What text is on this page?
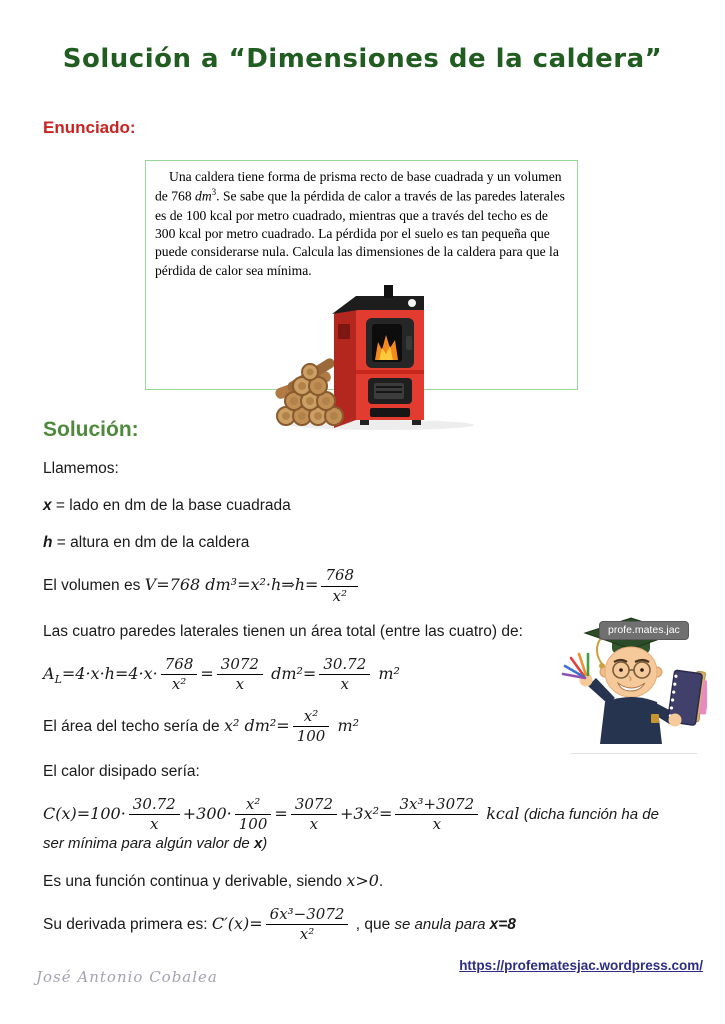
Solución a “Dimensiones de la caldera”
Enunciado:

Una caldera tiene forma de prisma recto de base cuadrada y un volumen de 768 $dm^3$. Se sabe que la pérdida de calor a través de las paredes laterales es de 100 kcal por metro cuadrado, mientras que a través del techo es de 300 kcal por metro cuadrado. La pérdida por el suelo es tan pequeña que puede considerarse nula. Calcula las dimensiones de la caldera para que la pérdida de calor sea mínima.

Solución:

Llamemos:

x = lado en dm de la base cuadrada

h = altura en dm de la caldera

El volumen es V=768 dm³=x²·h⇒h= $\frac{768}{\text{x²}}$

Las cuatro paredes laterales tienen un área total (entre las cuatro) de:

$A_L=4\cdot x\cdot h=4\cdot x\cdot \frac{768}{\text{x²}} = \frac{3072}{x} dm^2= \frac{30.72}{x} m^2$

El área del techo sería de x² $dm^2= \frac{\text{x²}}{100} m^2$

El calor disipado sería:

$C(x)=100\cdot \frac{30.72}{x} +300\cdot \frac{\text{x²}}{100} = \frac{3072}{x} +3x^2= \frac{\text{3x³+3072}}{x}$ kcal (dicha función ha de ser mínima para algún valor de x)

Es una función continua y derivable, siendo x>0.

Su derivada primera es: $C'(x)= \frac{\text{6x³−3072}}{\text{x²}}$ , que se anula para x=8

profe.mates.jac
José Antonio Cobalea
https://profematesjac.wordpress.com/
